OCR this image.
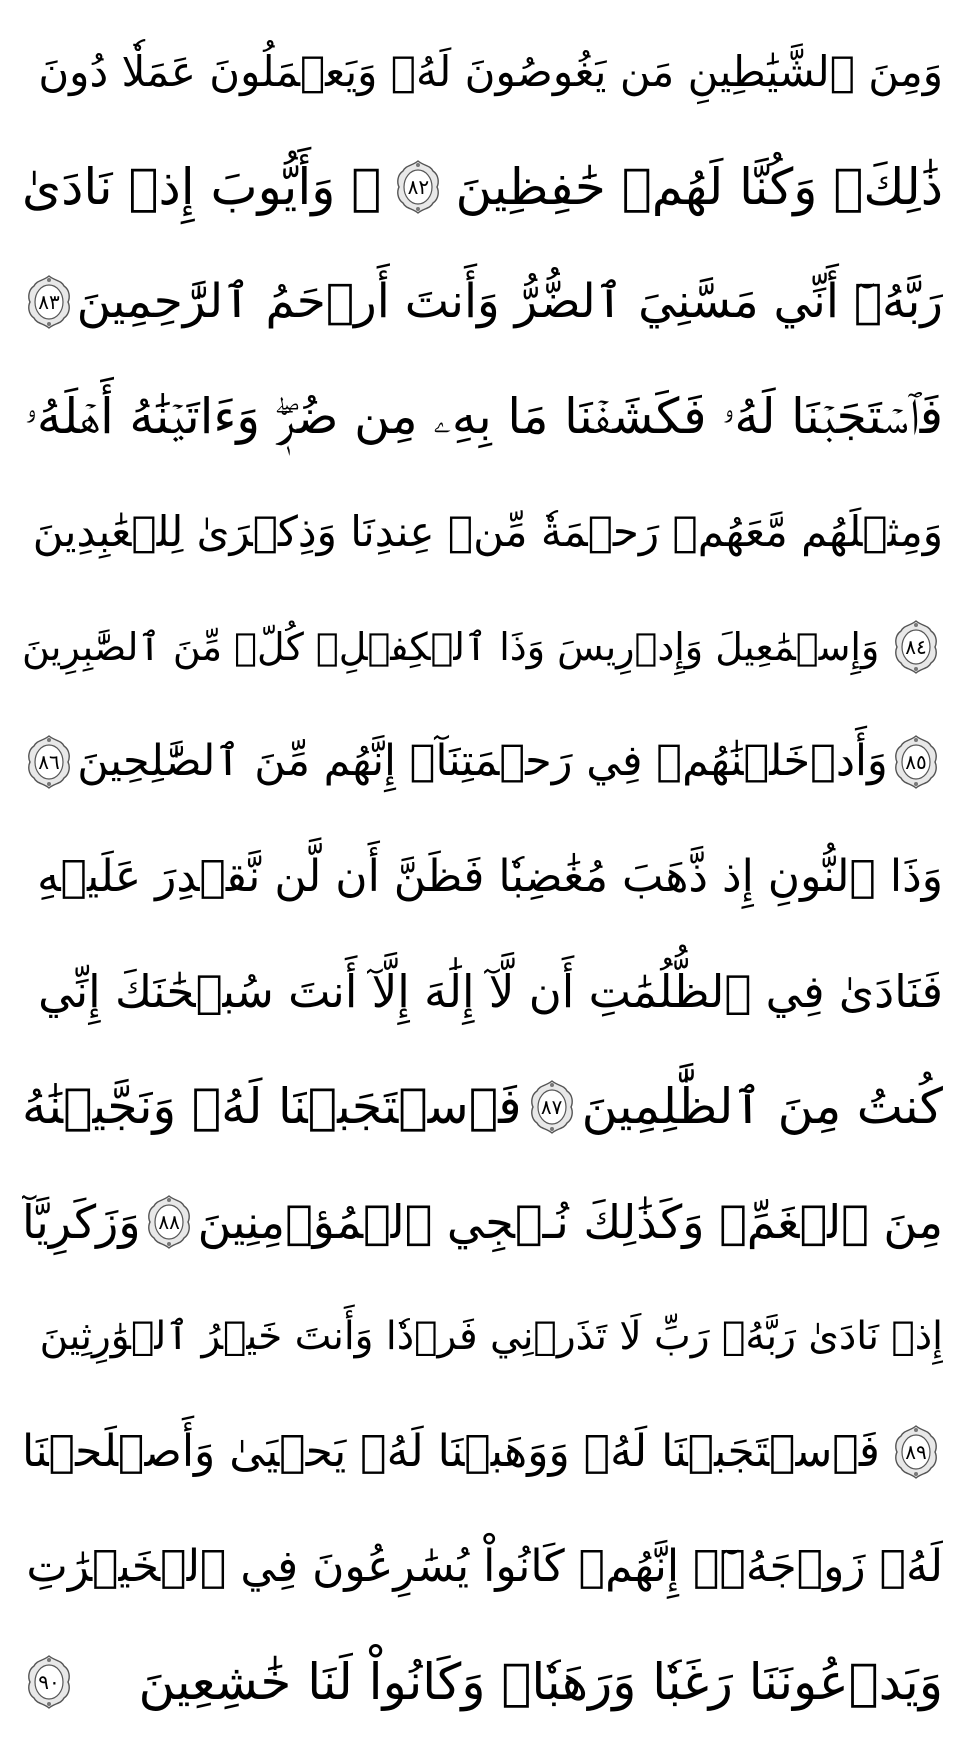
وَمِنَ ٱلشَّيَٰطِينِ مَن يَغُوصُونَ لَهُۥ وَيَعۡمَلُونَ عَمَلٗا دُونَ
ذَٰلِكَۖ وَكُنَّا لَهُمۡ حَٰفِظِينَ
٨٢
۞ وَأَيُّوبَ إِذۡ نَادَىٰ
رَبَّهُۥٓ أَنِّي مَسَّنِيَ ٱلضُّرُّ وَأَنتَ أَرۡحَمُ ٱلرَّٰحِمِينَ
٨٣
فَٱسۡتَجَبۡنَا لَهُۥ فَكَشَفۡنَا مَا بِهِۦ مِن ضُرّٖۖ وَءَاتَيۡنَٰهُ أَهۡلَهُۥ
وَمِثۡلَهُم مَّعَهُمۡ رَحۡمَةٗ مِّنۡ عِندِنَا وَذِكۡرَىٰ لِلۡعَٰبِدِينَ
٨٤
وَإِسۡمَٰعِيلَ وَإِدۡرِيسَ وَذَا ٱلۡكِفۡلِۖ كُلّٞ مِّنَ ٱلصَّٰبِرِينَ
٨٥
وَأَدۡخَلۡنَٰهُمۡ فِي رَحۡمَتِنَآۖ إِنَّهُم مِّنَ ٱلصَّٰلِحِينَ
٨٦
وَذَا ٱلنُّونِ إِذ ذَّهَبَ مُغَٰضِبٗا فَظَنَّ أَن لَّن نَّقۡدِرَ عَلَيۡهِ
فَنَادَىٰ فِي ٱلظُّلُمَٰتِ أَن لَّآ إِلَٰهَ إِلَّآ أَنتَ سُبۡحَٰنَكَ إِنِّي
كُنتُ مِنَ ٱلظَّٰلِمِينَ
٨٧
فَٱسۡتَجَبۡنَا لَهُۥ وَنَجَّيۡنَٰهُ
مِنَ ٱلۡغَمِّۚ وَكَذَٰلِكَ نُـۨجِي ٱلۡمُؤۡمِنِينَ
٨٨
وَزَكَرِيَّآ
إِذۡ نَادَىٰ رَبَّهُۥ رَبِّ لَا تَذَرۡنِي فَرۡدٗا وَأَنتَ خَيۡرُ ٱلۡوَٰرِثِينَ
٨٩
فَٱسۡتَجَبۡنَا لَهُۥ وَوَهَبۡنَا لَهُۥ يَحۡيَىٰ وَأَصۡلَحۡنَا
لَهُۥ زَوۡجَهُۥٓۚ إِنَّهُمۡ كَانُواْ يُسَٰرِعُونَ فِي ٱلۡخَيۡرَٰتِ
وَيَدۡعُونَنَا رَغَبٗا وَرَهَبٗاۖ وَكَانُواْ لَنَا خَٰشِعِينَ
٩٠
